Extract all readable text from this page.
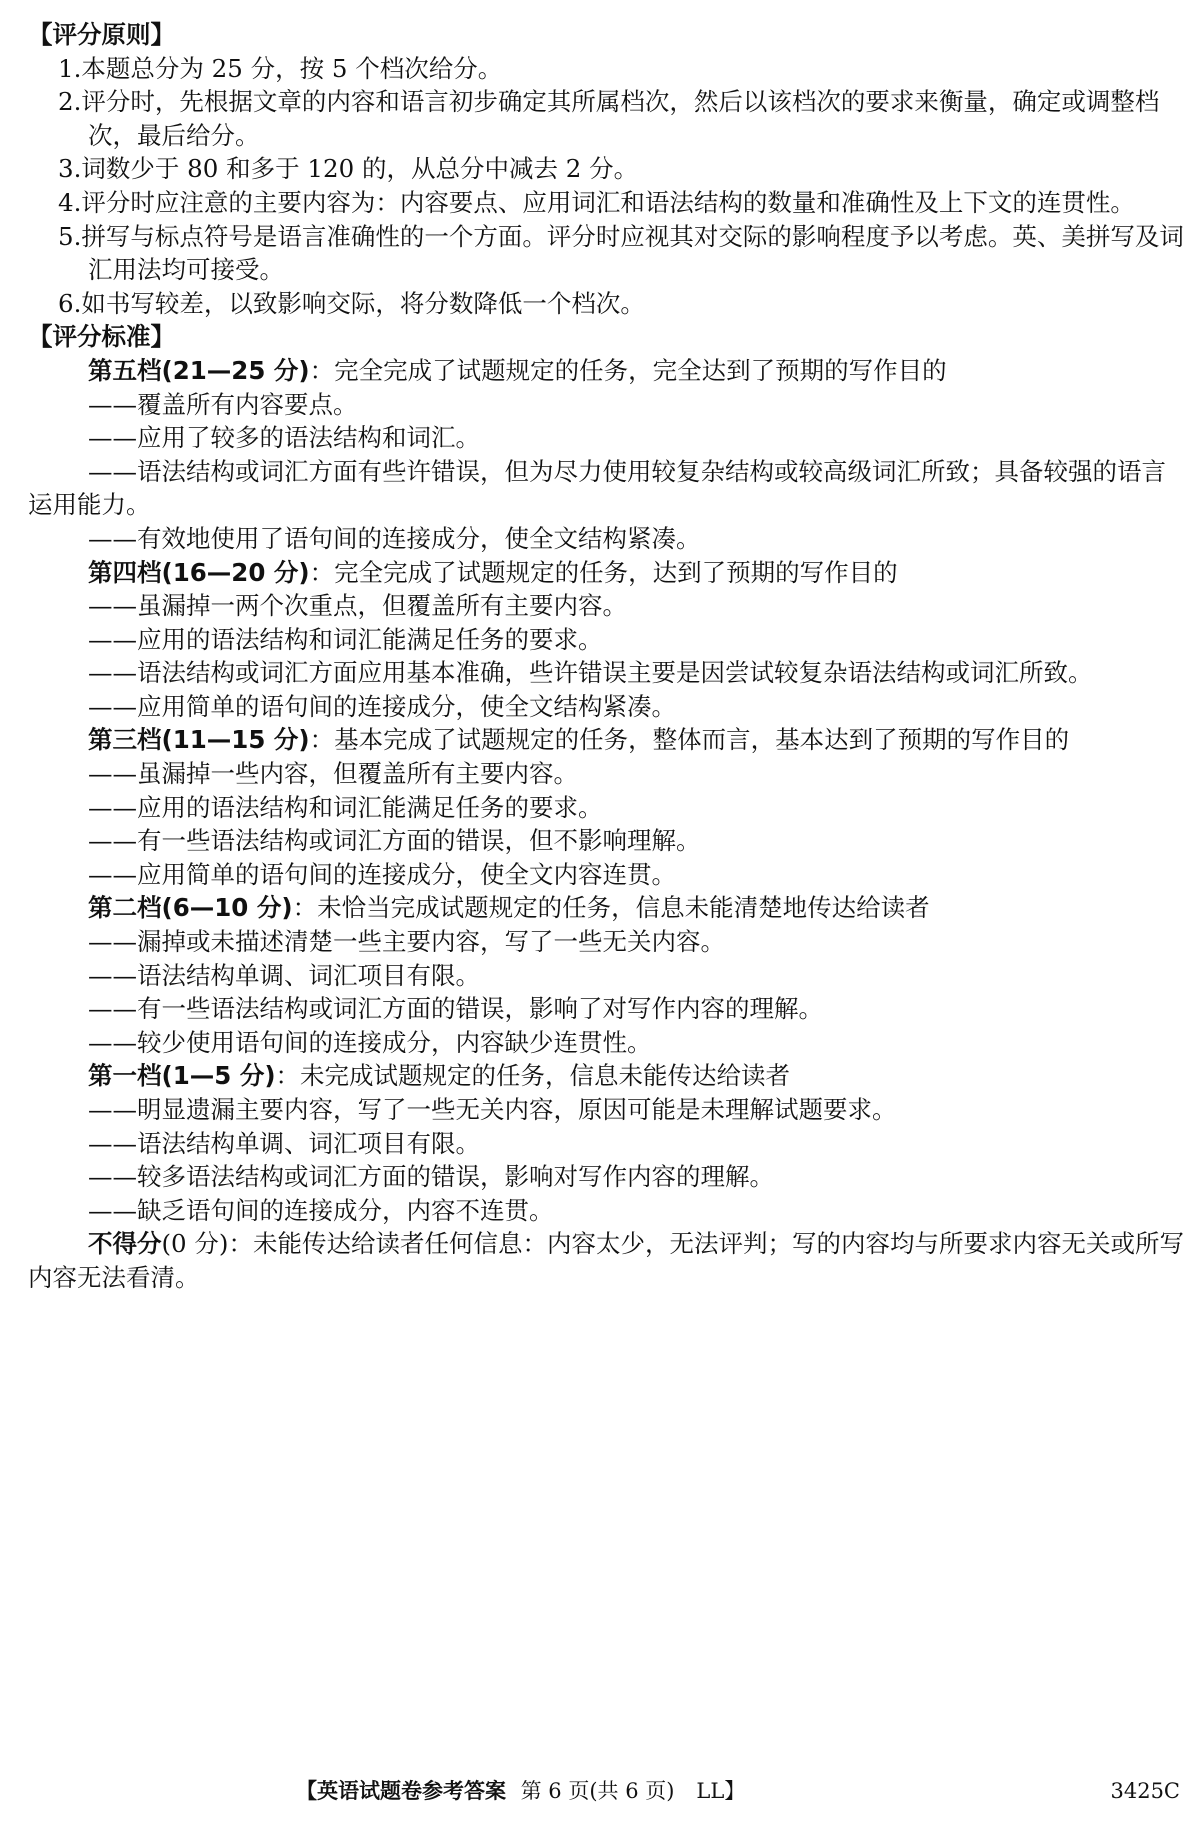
【评分原则】
1.本题总分为 25 分，按 5 个档次给分。
2.评分时，先根据文章的内容和语言初步确定其所属档次，然后以该档次的要求来衡量，确定或调整档次，最后给分。
3.词数少于 80 和多于 120 的，从总分中减去 2 分。
4.评分时应注意的主要内容为：内容要点、应用词汇和语法结构的数量和准确性及上下文的连贯性。
5.拼写与标点符号是语言准确性的一个方面。评分时应视其对交际的影响程度予以考虑。英、美拼写及词汇用法均可接受。
6.如书写较差，以致影响交际，将分数降低一个档次。
【评分标准】
第五档(21—25 分)：完全完成了试题规定的任务，完全达到了预期的写作目的
——覆盖所有内容要点。
——应用了较多的语法结构和词汇。
——语法结构或词汇方面有些许错误，但为尽力使用较复杂结构或较高级词汇所致；具备较强的语言运用能力。
——有效地使用了语句间的连接成分，使全文结构紧凑。
第四档(16—20 分)：完全完成了试题规定的任务，达到了预期的写作目的
——虽漏掉一两个次重点，但覆盖所有主要内容。
——应用的语法结构和词汇能满足任务的要求。
——语法结构或词汇方面应用基本准确，些许错误主要是因尝试较复杂语法结构或词汇所致。
——应用简单的语句间的连接成分，使全文结构紧凑。
第三档(11—15 分)：基本完成了试题规定的任务，整体而言，基本达到了预期的写作目的
——虽漏掉一些内容，但覆盖所有主要内容。
——应用的语法结构和词汇能满足任务的要求。
——有一些语法结构或词汇方面的错误，但不影响理解。
——应用简单的语句间的连接成分，使全文内容连贯。
第二档(6—10 分)：未恰当完成试题规定的任务，信息未能清楚地传达给读者
——漏掉或未描述清楚一些主要内容，写了一些无关内容。
——语法结构单调、词汇项目有限。
——有一些语法结构或词汇方面的错误，影响了对写作内容的理解。
——较少使用语句间的连接成分，内容缺少连贯性。
第一档(1—5 分)：未完成试题规定的任务，信息未能传达给读者
——明显遗漏主要内容，写了一些无关内容，原因可能是未理解试题要求。
——语法结构单调、词汇项目有限。
——较多语法结构或词汇方面的错误，影响对写作内容的理解。
——缺乏语句间的连接成分，内容不连贯。
不得分(0 分)：未能传达给读者任何信息：内容太少，无法评判；写的内容均与所要求内容无关或所写内容无法看清。
【英语试题卷参考答案 第 6 页(共 6 页) LL】	3425C
